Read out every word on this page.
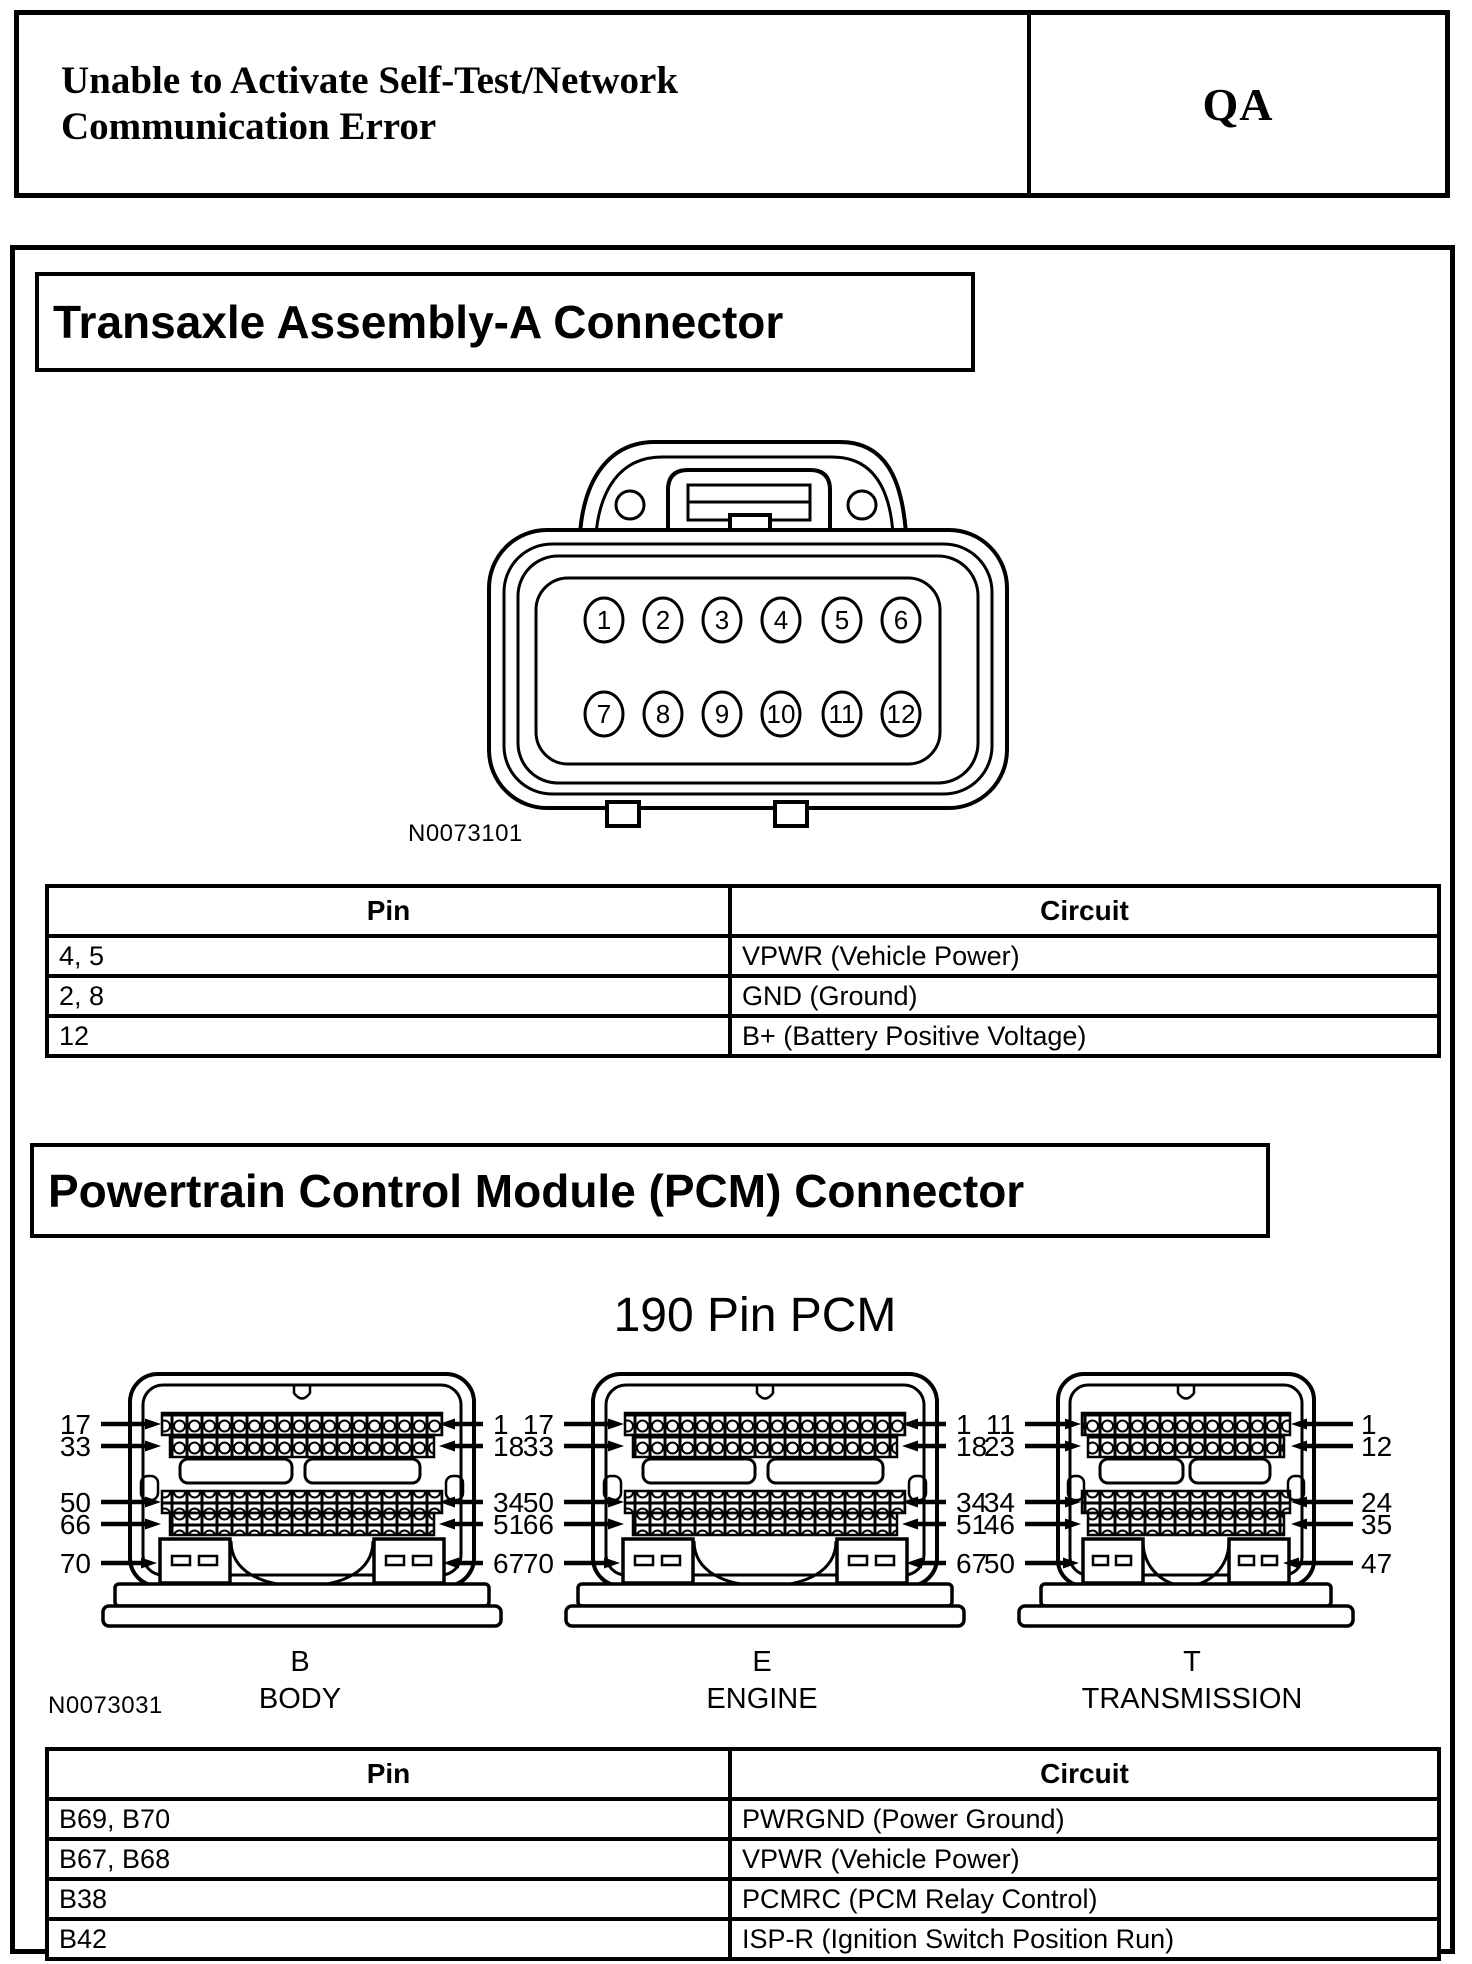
Unable to Activate Self-Test/Network
Communication Error	QA
Transaxle Assembly-A Connector
1 2 3 4 5 6
7 8 9 10 11 12
N0073101
Pin	Circuit
4, 5	VPWR (Vehicle Power)
2, 8	GND (Ground)
12	B+ (Battery Positive Voltage)
Powertrain Control Module (PCM) Connector
190 Pin PCM
17
33
50
66
70
1
18
34
51
67
17
33
50
66
70
1
18
34
51
67
11
23
34
46
50
1
12
24
35
47
B
BODY
E
ENGINE
T
TRANSMISSION
N0073031
Pin	Circuit
B69, B70	PWRGND (Power Ground)
B67, B68	VPWR (Vehicle Power)
B38	PCMRC (PCM Relay Control)
B42	ISP-R (Ignition Switch Position Run)
